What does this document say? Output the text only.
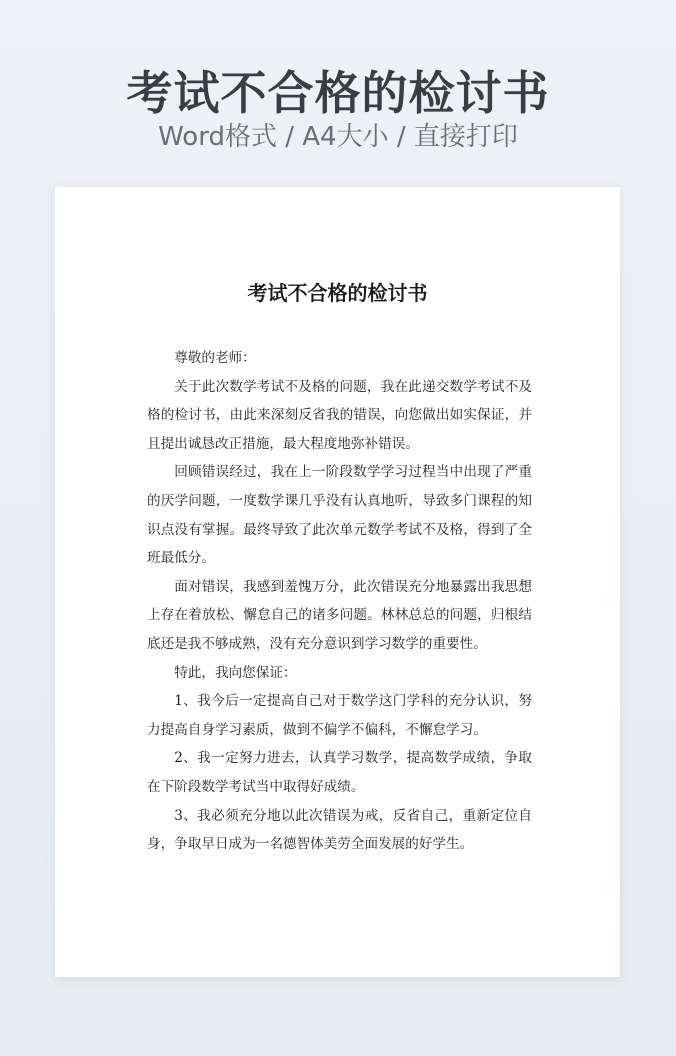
考试不合格的检讨书
Word格式 / A4大小 / 直接打印
考试不合格的检讨书

尊敬的老师：

关于此次数学考试不及格的问题，我在此递交数学考试不及格的检讨书，由此来深刻反省我的错误，向您做出如实保证，并且提出诚恳改正措施，最大程度地弥补错误。

回顾错误经过，我在上一阶段数学学习过程当中出现了严重的厌学问题，一度数学课几乎没有认真地听，导致多门课程的知识点没有掌握。最终导致了此次单元数学考试不及格，得到了全班最低分。

面对错误，我感到羞愧万分，此次错误充分地暴露出我思想上存在着放松、懈怠自己的诸多问题。林林总总的问题，归根结底还是我不够成熟，没有充分意识到学习数学的重要性。

特此，我向您保证：

1、我今后一定提高自己对于数学这门学科的充分认识，努力提高自身学习素质，做到不偏学不偏科，不懈怠学习。

2、我一定努力进去，认真学习数学，提高数学成绩，争取在下阶段数学考试当中取得好成绩。

3、我必须充分地以此次错误为戒，反省自己，重新定位自身，争取早日成为一名德智体美劳全面发展的好学生。
